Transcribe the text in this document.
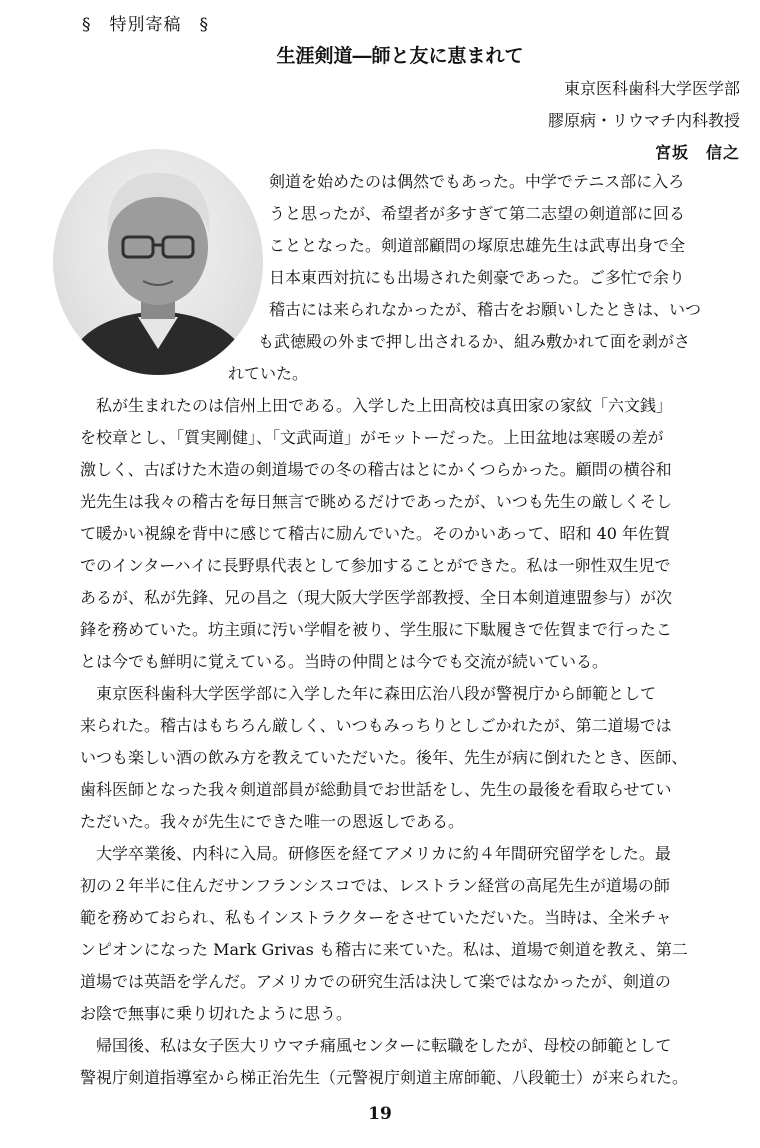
§　特別寄稿　§
生涯剣道―師と友に恵まれて
東京医科歯科大学医学部
膠原病・リウマチ内科教授
宮坂　信之
剣道を始めたのは偶然でもあった。中学でテニス部に入ろ
うと思ったが、希望者が多すぎて第二志望の剣道部に回る
こととなった。剣道部顧問の塚原忠雄先生は武専出身で全
日本東西対抗にも出場された剣豪であった。ご多忙で余り
稽古には来られなかったが、稽古をお願いしたときは、いつ
も武徳殿の外まで押し出されるか、組み敷かれて面を剥がさ
れていた。
私が生まれたのは信州上田である。入学した上田高校は真田家の家紋「六文銭」
を校章とし、「質実剛健」、「文武両道」がモットーだった。上田盆地は寒暖の差が
激しく、古ぼけた木造の剣道場での冬の稽古はとにかくつらかった。顧問の横谷和
光先生は我々の稽古を毎日無言で眺めるだけであったが、いつも先生の厳しくそし
て暖かい視線を背中に感じて稽古に励んでいた。そのかいあって、昭和 40 年佐賀
でのインターハイに長野県代表として参加することができた。私は一卵性双生児で
あるが、私が先鋒、兄の昌之（現大阪大学医学部教授、全日本剣道連盟参与）が次
鋒を務めていた。坊主頭に汚い学帽を被り、学生服に下駄履きで佐賀まで行ったこ
とは今でも鮮明に覚えている。当時の仲間とは今でも交流が続いている。
東京医科歯科大学医学部に入学した年に森田広治八段が警視庁から師範として
来られた。稽古はもちろん厳しく、いつもみっちりとしごかれたが、第二道場では
いつも楽しい酒の飲み方を教えていただいた。後年、先生が病に倒れたとき、医師、
歯科医師となった我々剣道部員が総動員でお世話をし、先生の最後を看取らせてい
ただいた。我々が先生にできた唯一の恩返しである。
大学卒業後、内科に入局。研修医を経てアメリカに約４年間研究留学をした。最
初の２年半に住んだサンフランシスコでは、レストラン経営の高尾先生が道場の師
範を務めておられ、私もインストラクターをさせていただいた。当時は、全米チャ
ンピオンになった Mark Grivas も稽古に来ていた。私は、道場で剣道を教え、第二
道場では英語を学んだ。アメリカでの研究生活は決して楽ではなかったが、剣道の
お陰で無事に乗り切れたように思う。
帰国後、私は女子医大リウマチ痛風センターに転職をしたが、母校の師範として
警視庁剣道指導室から梯正治先生（元警視庁剣道主席師範、八段範士）が来られた。
19
